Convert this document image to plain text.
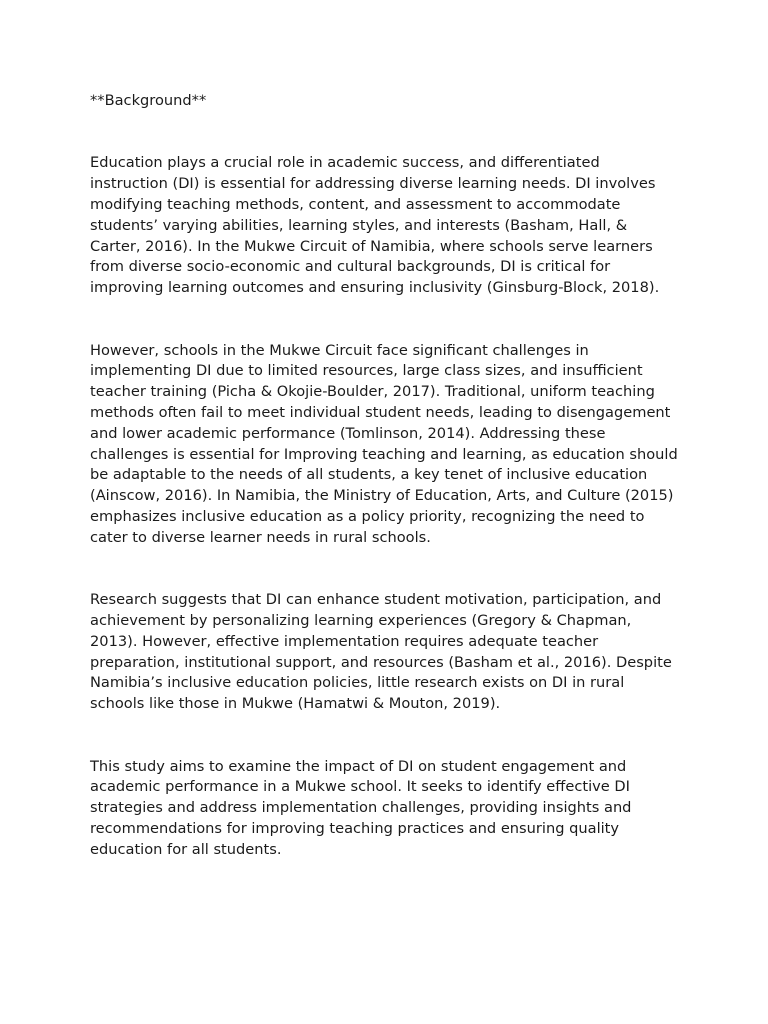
**Background**

Education plays a crucial role in academic success, and differentiated instruction (DI) is essential for addressing diverse learning needs. DI involves modifying teaching methods, content, and assessment to accommodate students’ varying abilities, learning styles, and interests (Basham, Hall, & Carter, 2016). In the Mukwe Circuit of Namibia, where schools serve learners from diverse socio-economic and cultural backgrounds, DI is critical for improving learning outcomes and ensuring inclusivity (Ginsburg-Block, 2018).

However, schools in the Mukwe Circuit face significant challenges in implementing DI due to limited resources, large class sizes, and insufficient teacher training (Picha & Okojie-Boulder, 2017). Traditional, uniform teaching methods often fail to meet individual student needs, leading to disengagement and lower academic performance (Tomlinson, 2014). Addressing these challenges is essential for Improving teaching and learning, as education should be adaptable to the needs of all students, a key tenet of inclusive education (Ainscow, 2016). In Namibia, the Ministry of Education, Arts, and Culture (2015) emphasizes inclusive education as a policy priority, recognizing the need to cater to diverse learner needs in rural schools.

Research suggests that DI can enhance student motivation, participation, and achievement by personalizing learning experiences (Gregory & Chapman, 2013). However, effective implementation requires adequate teacher preparation, institutional support, and resources (Basham et al., 2016). Despite Namibia’s inclusive education policies, little research exists on DI in rural schools like those in Mukwe (Hamatwi & Mouton, 2019).

This study aims to examine the impact of DI on student engagement and academic performance in a Mukwe school. It seeks to identify effective DI strategies and address implementation challenges, providing insights and recommendations for improving teaching practices and ensuring quality education for all students.
